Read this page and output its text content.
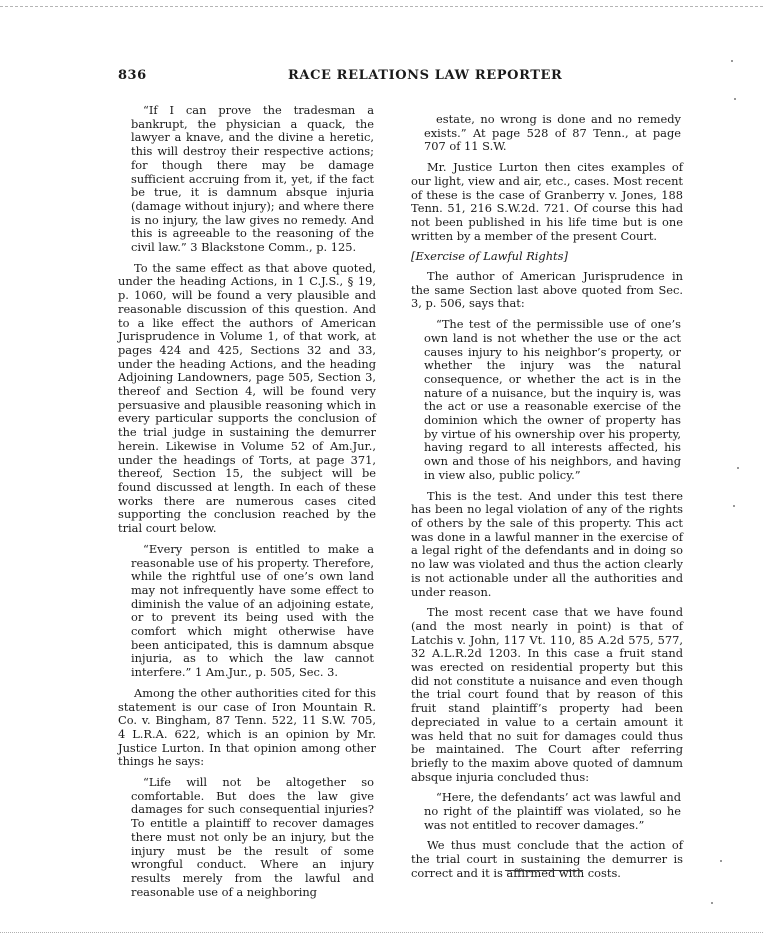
836	RACE RELATIONS LAW REPORTER

“If I can prove the tradesman a bankrupt, the physician a quack, the lawyer a knave, and the divine a heretic, this will destroy their respective actions; for though there may be damage sufficient accruing from it, yet, if the fact be true, it is damnum absque injuria (damage without injury); and where there is no injury, the law gives no remedy. And this is agreeable to the reasoning of the civil law.” 3 Blackstone Comm., p. 125.

To the same effect as that above quoted, under the heading Actions, in 1 C.J.S., § 19, p. 1060, will be found a very plausible and reasonable discussion of this question. And to a like effect the authors of American Jurisprudence in Volume 1, of that work, at pages 424 and 425, Sections 32 and 33, under the heading Actions, and the heading Adjoining Landowners, page 505, Section 3, thereof and Section 4, will be found very persuasive and plausible reasoning which in every particular supports the conclusion of the trial judge in sustaining the demurrer herein. Likewise in Volume 52 of Am.Jur., under the headings of Torts, at page 371, thereof, Section 15, the subject will be found discussed at length. In each of these works there are numerous cases cited supporting the conclusion reached by the trial court below.

“Every person is entitled to make a reasonable use of his property. Therefore, while the rightful use of one’s own land may not infrequently have some effect to diminish the value of an adjoining estate, or to prevent its being used with the comfort which might otherwise have been anticipated, this is damnum absque injuria, as to which the law cannot interfere.” 1 Am.Jur., p. 505, Sec. 3.

Among the other authorities cited for this statement is our case of Iron Mountain R. Co. v. Bingham, 87 Tenn. 522, 11 S.W. 705, 4 L.R.A. 622, which is an opinion by Mr. Justice Lurton. In that opinion among other things he says:

“Life will not be altogether so comfortable. But does the law give damages for such consequential injuries? To entitle a plaintiff to recover damages there must not only be an injury, but the injury must be the result of some wrongful conduct. Where an injury results merely from the lawful and reasonable use of a neighboring

estate, no wrong is done and no remedy exists.” At page 528 of 87 Tenn., at page 707 of 11 S.W.

Mr. Justice Lurton then cites examples of our light, view and air, etc., cases. Most recent of these is the case of Granberry v. Jones, 188 Tenn. 51, 216 S.W.2d. 721. Of course this had not been published in his life time but is one written by a member of the present Court.

[Exercise of Lawful Rights]

The author of American Jurisprudence in the same Section last above quoted from Sec. 3, p. 506, says that:

“The test of the permissible use of one’s own land is not whether the use or the act causes injury to his neighbor’s property, or whether the injury was the natural consequence, or whether the act is in the nature of a nuisance, but the inquiry is, was the act or use a reasonable exercise of the dominion which the owner of property has by virtue of his ownership over his property, having regard to all interests affected, his own and those of his neighbors, and having in view also, public policy.”

This is the test. And under this test there has been no legal violation of any of the rights of others by the sale of this property. This act was done in a lawful manner in the exercise of a legal right of the defendants and in doing so no law was violated and thus the action clearly is not actionable under all the authorities and under reason.

The most recent case that we have found (and the most nearly in point) is that of Latchis v. John, 117 Vt. 110, 85 A.2d 575, 577, 32 A.L.R.2d 1203. In this case a fruit stand was erected on residential property but this did not constitute a nuisance and even though the trial court found that by reason of this fruit stand plaintiff’s property had been depreciated in value to a certain amount it was held that no suit for damages could thus be maintained. The Court after referring briefly to the maxim above quoted of damnum absque injuria concluded thus:

“Here, the defendants’ act was lawful and no right of the plaintiff was violated, so he was not entitled to recover damages.”

We thus must conclude that the action of the trial court in sustaining the demurrer is correct and it is affirmed with costs.
